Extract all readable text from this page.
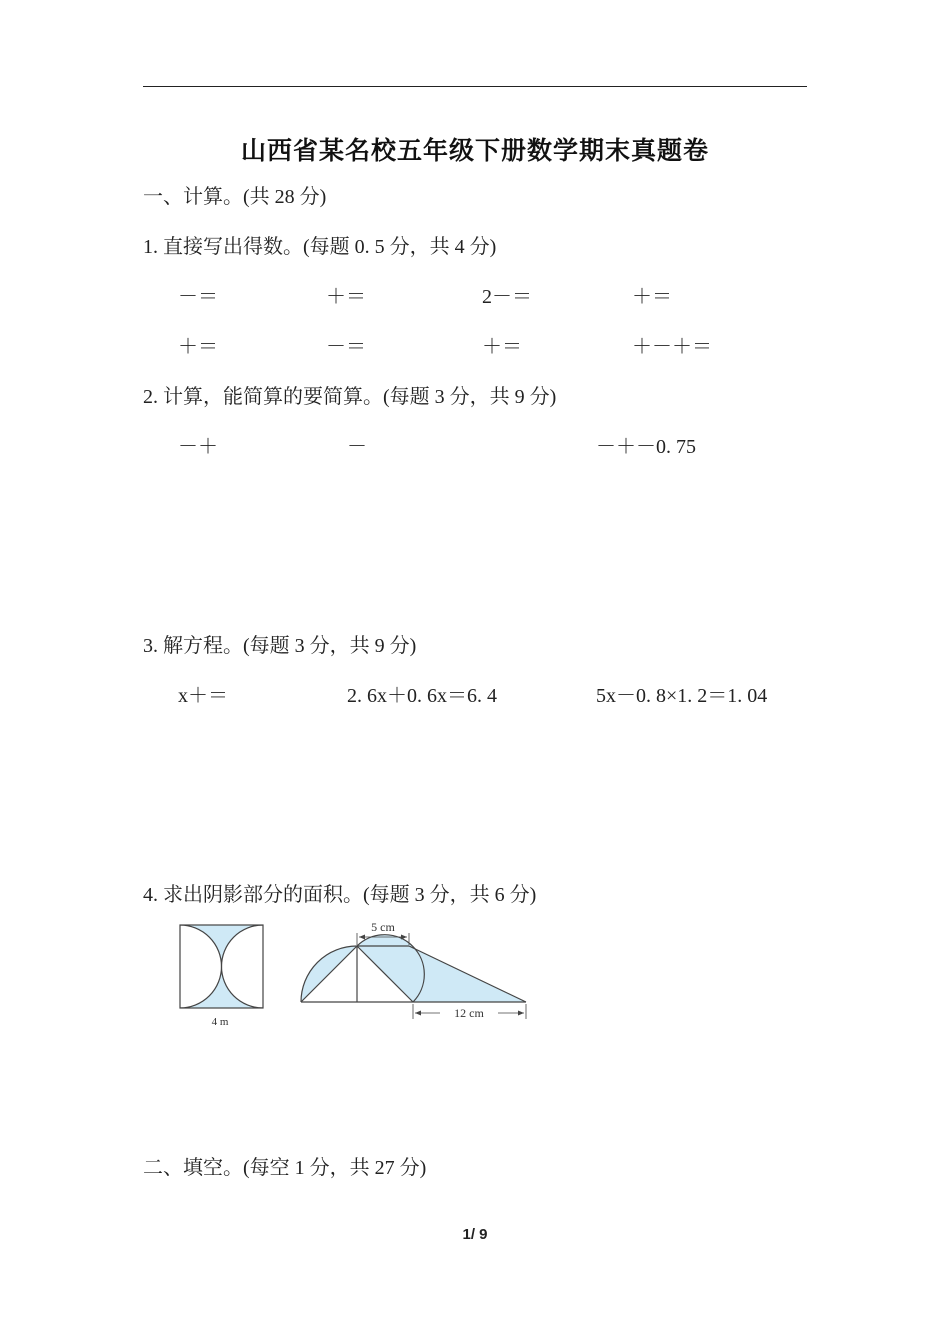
山西省某名校五年级下册数学期末真题卷
一、计算。(共 28 分)
1. 直接写出得数。(每题 0. 5 分，共 4 分)
－＝	＋＝	2－＝	＋＝
＋＝	－＝	＋＝	＋－＋＝
2. 计算，能简算的要简算。(每题 3 分，共 9 分)
－＋	－	－＋－0. 75
3. 解方程。(每题 3 分，共 9 分)
x＋＝	2. 6x＋0. 6x＝6. 4	5x－0. 8×1. 2＝1. 04
4. 求出阴影部分的面积。(每题 3 分，共 6 分)
4 m
5 cm
12 cm
二、填空。(每空 1 分，共 27 分)
1/ 9
